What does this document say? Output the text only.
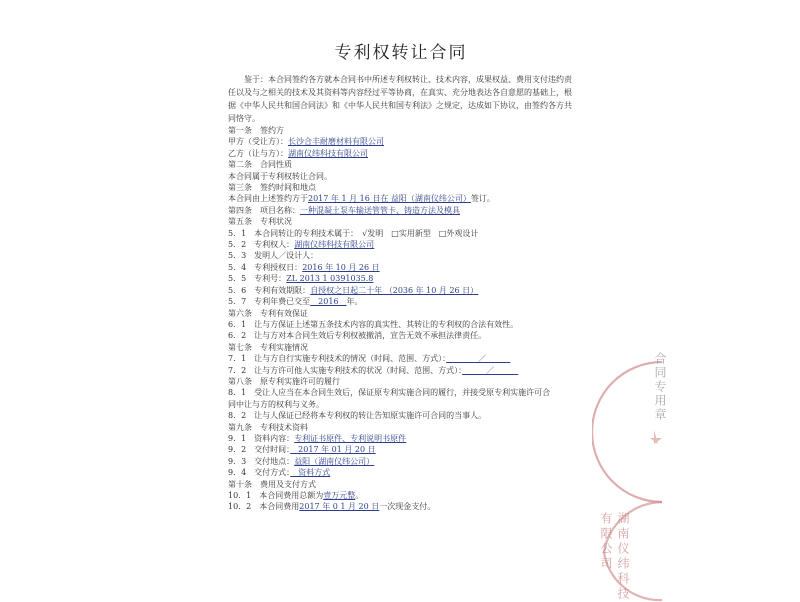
专利权转让合同

鉴于：本合同签约各方就本合同书中所述专利权转让、技术内容，成果权益、费用支付违约责任以及与之相关的技术及其资料等内容经过平等协商，在真实、充分地表达各自意愿的基础上，根据《中华人民共和国合同法》和《中华人民共和国专利法》之规定，达成如下协议，由签约各方共同恪守。

第一条　签约方
甲方（受让方）：长沙合丰耐磨材料有限公司
乙方（让与方）：湖南仪纬科技有限公司
第二条　合同性质
本合同属于专利权转让合同。
第三条　签约时间和地点
本合同由上述签约方于2017 年 1 月 16 日在 益阳（湖南仪纬公司）签订。
第四条　项目名称：一种混凝土泵车输送管管卡、铸造方法及模具
第五条　专利状况
5．1　本合同转让的专利技术属于：　√发明　□实用新型　□外观设计
5．2　专利权人：湖南仪纬科技有限公司
5．3　发明人／设计人：
5．4　专利授权日：2016 年 10 月 26 日
5．5　专利号：ZL 2013 1 0391035.8
5．6　专利有效期限：自授权之日起二十年 （2036 年 10 月 26 日）
5．7　专利年费已交至　2016　年。
第六条　专利有效保证
6．1　让与方保证上述第五条技术内容的真实性、其转让的专利权的合法有效性。
6．2　让与方对本合同生效后专利权被撤消，宣告无效不承担法律责任。
第七条　专利实施情况
7．1　让与方自行实施专利技术的情况（时间、范围、方式）：　　　　／　　　
7．2　让与方许可他人实施专利技术的状况（时间、范围、方式）：　　　／　　　
第八条　原专利实施许可的履行
8．1　受让人应当在本合同生效后，保证原专利实施合同的履行，并接受原专利实施许可合
同中让与方的权利与义务。
8．2　让与人保证已经将本专利权的转让告知原实施许可合同的当事人。
第九条　专利技术资料
9．1　资料内容：专利证书原件、专利说明书原件
9．2　交付时间：　2017 年 01 月 20 日
9．3　交付地点：益阳（湖南仪纬公司）
9．4　交付方式：　资料方式
第十条　费用及支付方式
10．1　本合同费用总额为壹万元整。
10．2　本合同费用2017 年 0 1 月 20 日一次现金支付。
湖南仪纬科技有限公司
合同专用章
